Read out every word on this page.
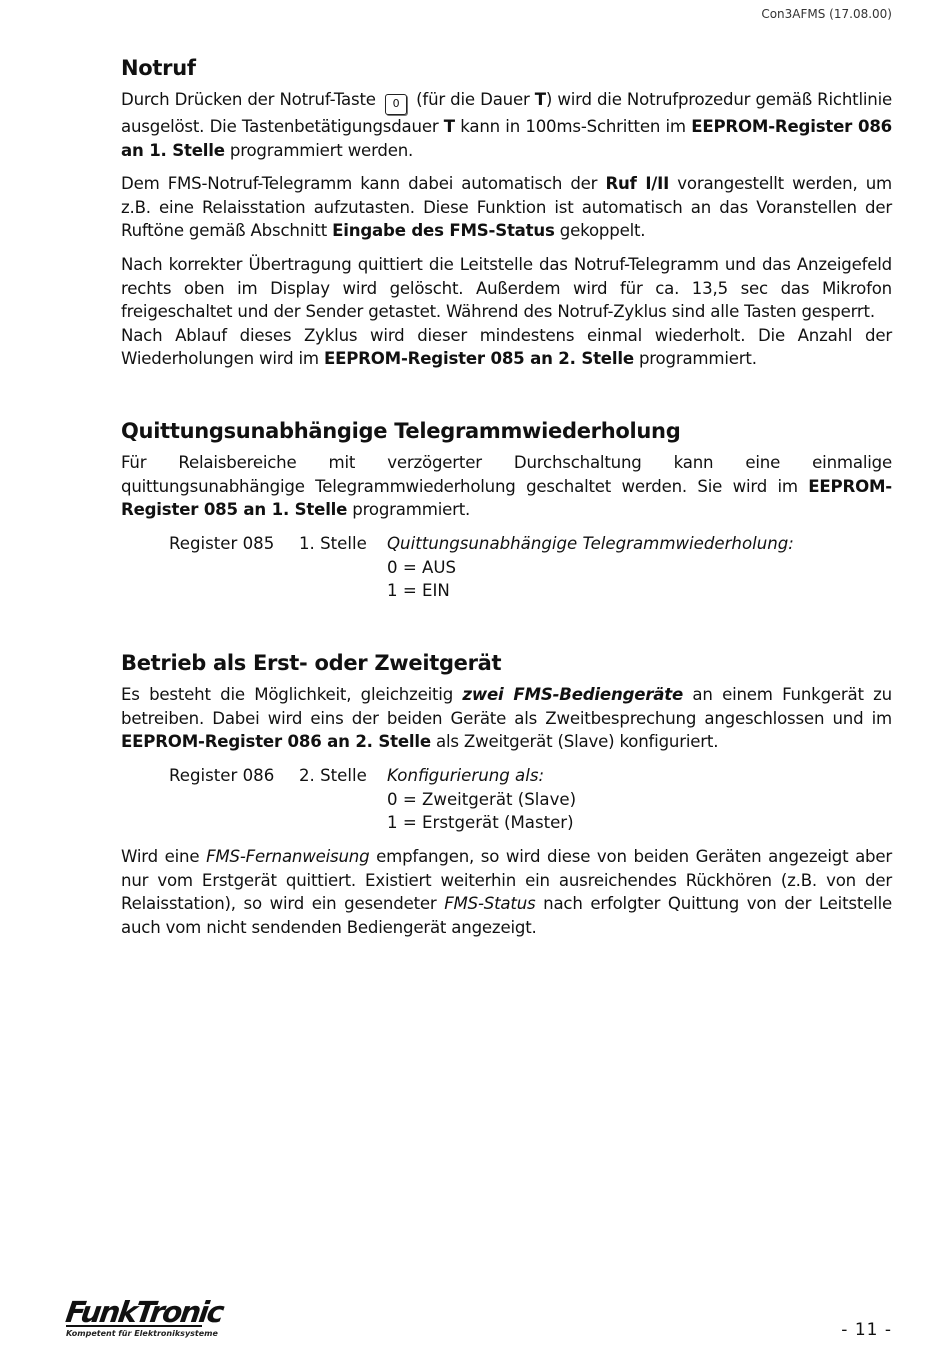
Con3AFMS (17.08.00)
Notruf

Durch Drücken der Notruf-Taste 0 (für die Dauer T) wird die Notrufprozedur gemäß Richtlinie ausgelöst. Die Tastenbetätigungsdauer T kann in 100ms-Schritten im EEPROM-Register 086 an 1. Stelle programmiert werden.

Dem FMS-Notruf-Telegramm kann dabei automatisch der Ruf I/II vorangestellt werden, um z.B. eine Relaisstation aufzutasten. Diese Funktion ist automatisch an das Voranstellen der Ruftöne gemäß Abschnitt Eingabe des FMS-Status gekoppelt.

Nach korrekter Übertragung quittiert die Leitstelle das Notruf-Telegramm und das Anzeigefeld rechts oben im Display wird gelöscht. Außerdem wird für ca. 13,5 sec das Mikrofon freigeschaltet und der Sender getastet. Während des Notruf-Zyklus sind alle Tasten gesperrt.

Nach Ablauf dieses Zyklus wird dieser mindestens einmal wiederholt. Die Anzahl der Wiederholungen wird im EEPROM-Register 085 an 2. Stelle programmiert.

Quittungsunabhängige Telegrammwiederholung

Für Relaisbereiche mit verzögerter Durchschaltung kann eine einmalige quittungsunabhängige Telegrammwiederholung geschaltet werden. Sie wird im EEPROM-Register 085 an 1. Stelle programmiert.

Register 085	1. Stelle	Quittungsunabhängige Telegrammwiederholung:
0 = AUS
1 = EIN
Betrieb als Erst- oder Zweitgerät

Es besteht die Möglichkeit, gleichzeitig zwei FMS-Bediengeräte an einem Funkgerät zu betreiben. Dabei wird eins der beiden Geräte als Zweitbesprechung angeschlossen und im EEPROM-Register 086 an 2. Stelle als Zweitgerät (Slave) konfiguriert.

Register 086	2. Stelle	Konfigurierung als:
0 = Zweitgerät (Slave)
1 = Erstgerät (Master)

Wird eine FMS-Fernanweisung empfangen, so wird diese von beiden Geräten angezeigt aber nur vom Erstgerät quittiert. Existiert weiterhin ein ausreichendes Rückhören (z.B. von der Relaisstation), so wird ein gesendeter FMS-Status nach erfolgter Quittung von der Leitstelle auch vom nicht sendenden Bediengerät angezeigt.

FunkTronic
Kompetent für Elektroniksysteme	- 11 -
